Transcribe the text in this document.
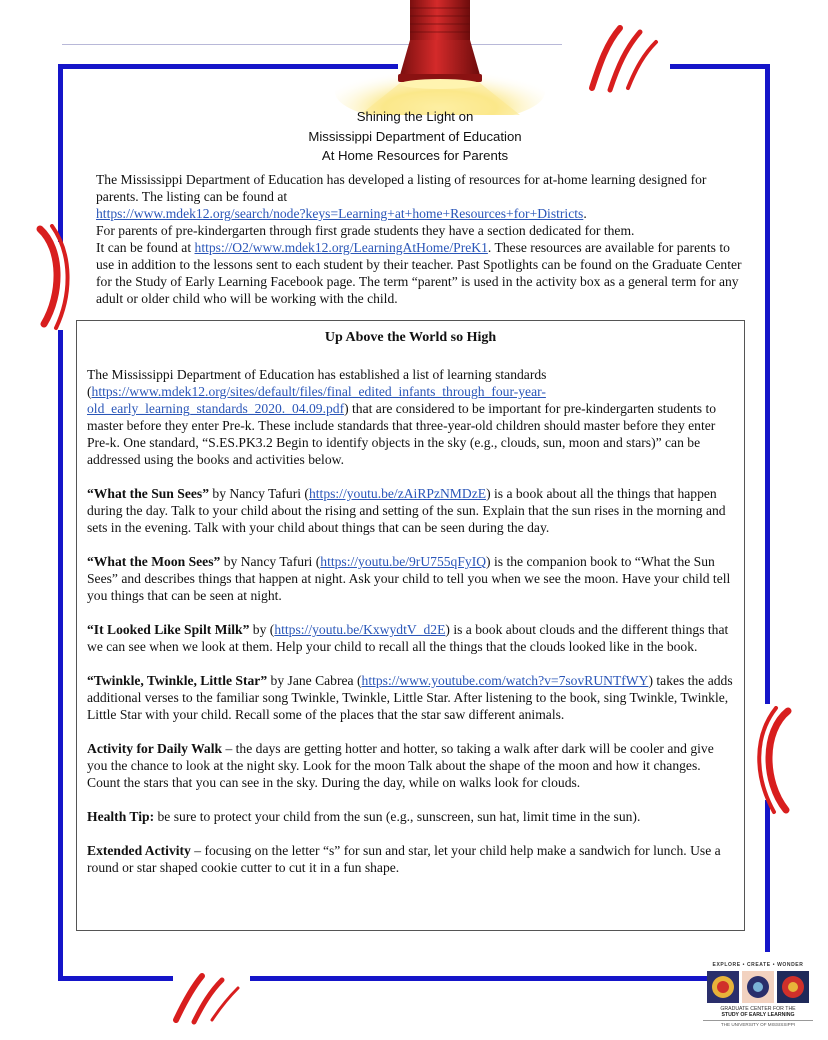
Shining the Light on
Mississippi Department of Education
At Home Resources for Parents

The Mississippi Department of Education has developed a listing of resources for at-home learning designed for parents. The listing can be found at
https://www.mdek12.org/search/node?keys=Learning+at+home+Resources+for+Districts.

For parents of pre-kindergarten through first grade students they have a section dedicated for them.

It can be found at https://O2/www.mdek12.org/LearningAtHome/PreK1. These resources are available for parents to use in addition to the lessons sent to each student by their teacher. Past Spotlights can be found on the Graduate Center for the Study of Early Learning Facebook page. The term “parent” is used in the activity box as a general term for any adult or older child who will be working with the child.

Up Above the World so High

The Mississippi Department of Education has established a list of learning standards (https://www.mdek12.org/sites/default/files/final_edited_infants_through_four-year-old_early_learning_standards_2020._04.09.pdf) that are considered to be important for pre-kindergarten students to master before they enter Pre-k. These include standards that three-year-old children should master before they enter Pre-k. One standard, “S.ES.PK3.2 Begin to identify objects in the sky (e.g., clouds, sun, moon and stars)” can be addressed using the books and activities below.

“What the Sun Sees” by Nancy Tafuri (https://youtu.be/zAiRPzNMDzE) is a book about all the things that happen during the day. Talk to your child about the rising and setting of the sun. Explain that the sun rises in the morning and sets in the evening. Talk with your child about things that can be seen during the day.

“What the Moon Sees” by Nancy Tafuri (https://youtu.be/9rU755qFyIQ) is the companion book to “What the Sun Sees” and describes things that happen at night. Ask your child to tell you when we see the moon. Have your child tell you things that can be seen at night.

“It Looked Like Spilt Milk” by (https://youtu.be/KxwydtV_d2E) is a book about clouds and the different things that we can see when we look at them. Help your child to recall all the things that the clouds looked like in the book.

“Twinkle, Twinkle, Little Star” by Jane Cabrea (https://www.youtube.com/watch?v=7sovRUNTfWY) takes the adds additional verses to the familiar song Twinkle, Twinkle, Little Star. After listening to the book, sing Twinkle, Twinkle, Little Star with your child. Recall some of the places that the star saw different animals.

Activity for Daily Walk – the days are getting hotter and hotter, so taking a walk after dark will be cooler and give you the chance to look at the night sky. Look for the moon Talk about the shape of the moon and how it changes. Count the stars that you can see in the sky. During the day, while on walks look for clouds.

Health Tip: be sure to protect your child from the sun (e.g., sunscreen, sun hat, limit time in the sun).

Extended Activity – focusing on the letter “s” for sun and star, let your child help make a sandwich for lunch. Use a round or star shaped cookie cutter to cut it in a fun shape.

EXPLORE • CREATE • WONDER
GRADUATE CENTER FOR THE
STUDY OF EARLY LEARNING
THE UNIVERSITY OF MISSISSIPPI
